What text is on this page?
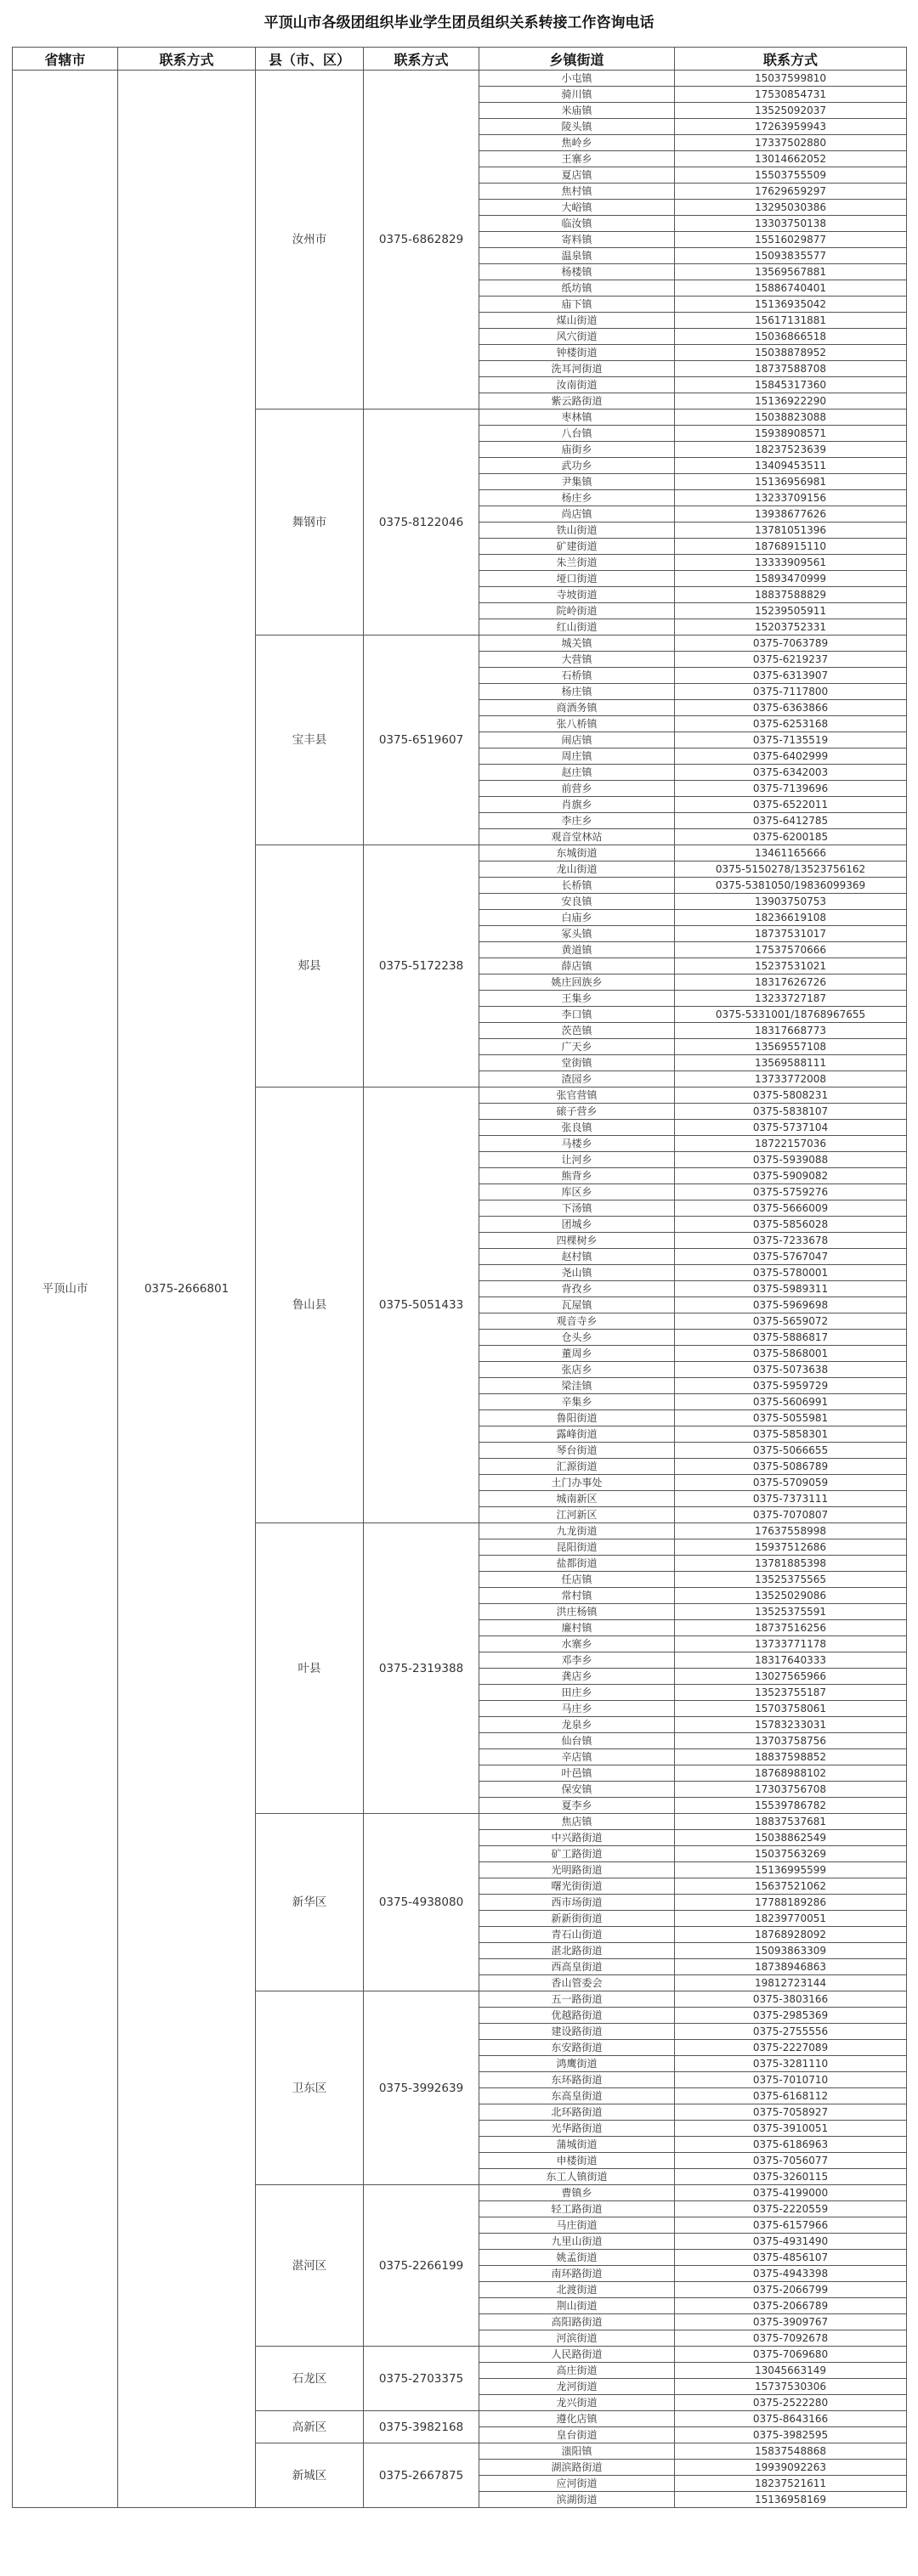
平顶山市各级团组织毕业学生团员组织关系转接工作咨询电话
省辖市	联系方式	县（市、区）	联系方式	乡镇街道	联系方式
平顶山市	0375-2666801	汝州市	0375-6862829	小屯镇	15037599810
				骑川镇	17530854731
				米庙镇	13525092037
				陵头镇	17263959943
				焦岭乡	17337502880
				王寨乡	13014662052
				夏店镇	15503755509
				焦村镇	17629659297
				大峪镇	13295030386
				临汝镇	13303750138
				寄料镇	15516029877
				温泉镇	15093835577
				杨楼镇	13569567881
				纸坊镇	15886740401
				庙下镇	15136935042
				煤山街道	15617131881
				风穴街道	15036866518
				钟楼街道	15038878952
				洗耳河街道	18737588708
				汝南街道	15845317360
				紫云路街道	15136922290
		舞钢市	0375-8122046	枣林镇	15038823088
				八台镇	15938908571
				庙街乡	18237523639
				武功乡	13409453511
				尹集镇	15136956981
				杨庄乡	13233709156
				尚店镇	13938677626
				铁山街道	13781051396
				矿建街道	18768915110
				朱兰街道	13333909561
				垭口街道	15893470999
				寺坡街道	18837588829
				院岭街道	15239505911
				红山街道	15203752331
		宝丰县	0375-6519607	城关镇	0375-7063789
				大营镇	0375-6219237
				石桥镇	0375-6313907
				杨庄镇	0375-7117800
				商酒务镇	0375-6363866
				张八桥镇	0375-6253168
				闹店镇	0375-7135519
				周庄镇	0375-6402999
				赵庄镇	0375-6342003
				前营乡	0375-7139696
				肖旗乡	0375-6522011
				李庄乡	0375-6412785
				观音堂林站	0375-6200185
		郏县	0375-5172238	东城街道	13461165666
				龙山街道	0375-5150278/13523756162
				长桥镇	0375-5381050/19836099369
				安良镇	13903750753
				白庙乡	18236619108
				冢头镇	18737531017
				黄道镇	17537570666
				薛店镇	15237531021
				姚庄回族乡	18317626726
				王集乡	13233727187
				李口镇	0375-5331001/18768967655
				茨芭镇	18317668773
				广天乡	13569557108
				堂街镇	13569588111
				渣园乡	13733772008
		鲁山县	0375-5051433	张官营镇	0375-5808231
				磙子营乡	0375-5838107
				张良镇	0375-5737104
				马楼乡	18722157036
				让河乡	0375-5939088
				熊背乡	0375-5909082
				库区乡	0375-5759276
				下汤镇	0375-5666009
				团城乡	0375-5856028
				四棵树乡	0375-7233678
				赵村镇	0375-5767047
				尧山镇	0375-5780001
				背孜乡	0375-5989311
				瓦屋镇	0375-5969698
				观音寺乡	0375-5659072
				仓头乡	0375-5886817
				董周乡	0375-5868001
				张店乡	0375-5073638
				梁洼镇	0375-5959729
				辛集乡	0375-5606991
				鲁阳街道	0375-5055981
				露峰街道	0375-5858301
				琴台街道	0375-5066655
				汇源街道	0375-5086789
				土门办事处	0375-5709059
				城南新区	0375-7373111
				江河新区	0375-7070807
		叶县	0375-2319388	九龙街道	17637558998
				昆阳街道	15937512686
				盐都街道	13781885398
				任店镇	13525375565
				常村镇	13525029086
				洪庄杨镇	13525375591
				廉村镇	18737516256
				水寨乡	13733771178
				邓李乡	18317640333
				龚店乡	13027565966
				田庄乡	13523755187
				马庄乡	15703758061
				龙泉乡	15783233031
				仙台镇	13703758756
				辛店镇	18837598852
				叶邑镇	18768988102
				保安镇	17303756708
				夏李乡	15539786782
		新华区	0375-4938080	焦店镇	18837537681
				中兴路街道	15038862549
				矿工路街道	15037563269
				光明路街道	15136995599
				曙光街街道	15637521062
				西市场街道	17788189286
				新新街街道	18239770051
				青石山街道	18768928092
				湛北路街道	15093863309
				西高皇街道	18738946863
				香山管委会	19812723144
		卫东区	0375-3992639	五一路街道	0375-3803166
				优越路街道	0375-2985369
				建设路街道	0375-2755556
				东安路街道	0375-2227089
				鸿鹰街道	0375-3281110
				东环路街道	0375-7010710
				东高皇街道	0375-6168112
				北环路街道	0375-7058927
				光华路街道	0375-3910051
				蒲城街道	0375-6186963
				申楼街道	0375-7056077
				东工人镇街道	0375-3260115
		湛河区	0375-2266199	曹镇乡	0375-4199000
				轻工路街道	0375-2220559
				马庄街道	0375-6157966
				九里山街道	0375-4931490
				姚孟街道	0375-4856107
				南环路街道	0375-4943398
				北渡街道	0375-2066799
				荆山街道	0375-2066789
				高阳路街道	0375-3909767
				河滨街道	0375-7092678
		石龙区	0375-2703375	人民路街道	0375-7069680
				高庄街道	13045663149
				龙河街道	15737530306
				龙兴街道	0375-2522280
		高新区	0375-3982168	遵化店镇	0375-8643166
				皇台街道	0375-3982595
		新城区	0375-2667875	滍阳镇	15837548868
				湖滨路街道	19939092263
				应河街道	18237521611
				滨湖街道	15136958169
